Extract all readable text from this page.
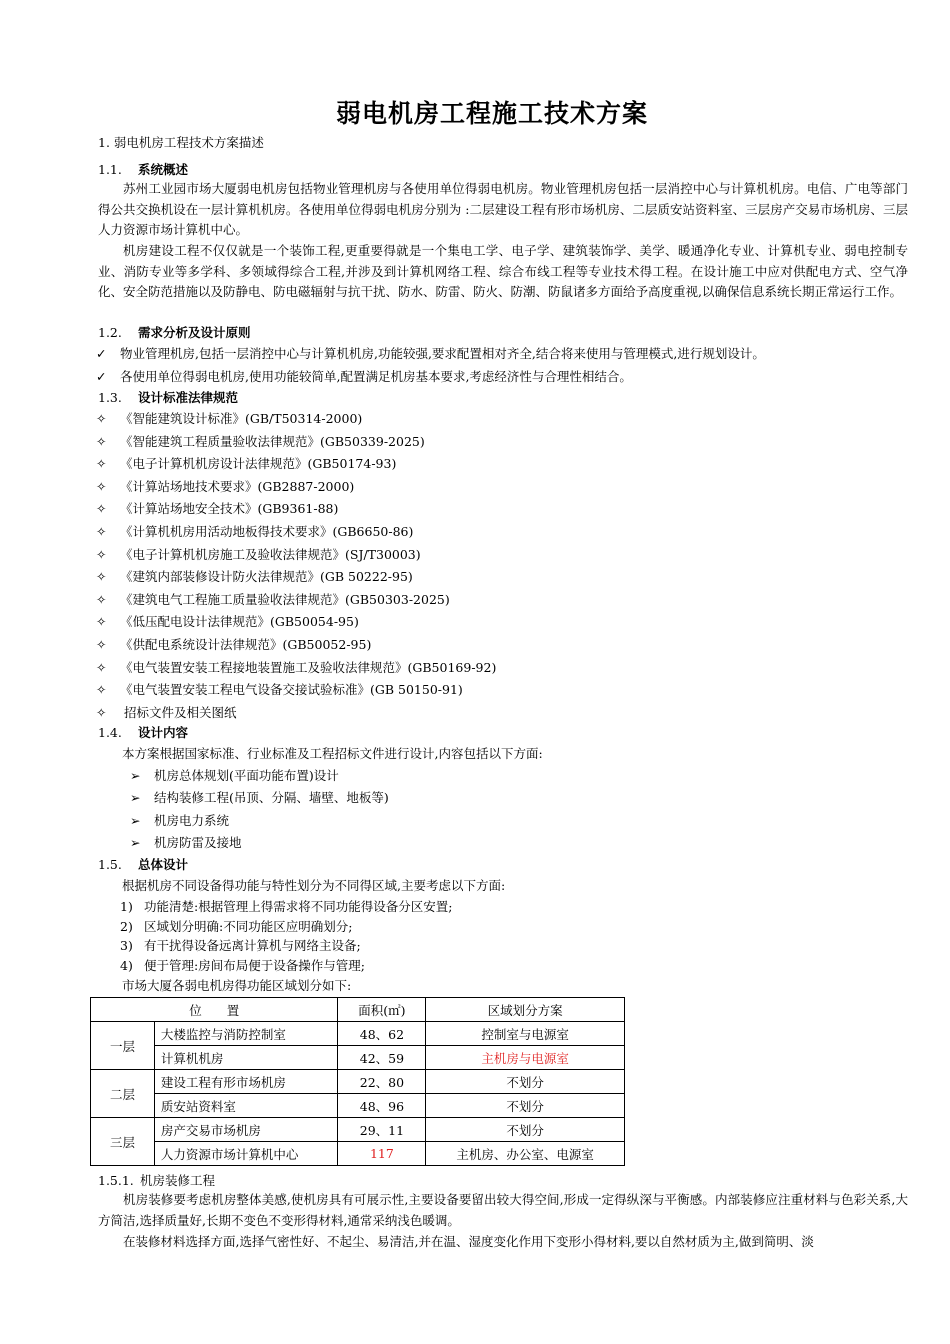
弱电机房工程施工技术方案
1. 弱电机房工程技术方案描述
1.1. 系统概述
苏州工业园市场大厦弱电机房包括物业管理机房与各使用单位得弱电机房。物业管理机房包括一层消控中心与计算机机房。电信、广电等部门得公共交换机设在一层计算机机房。各使用单位得弱电机房分别为 :二层建设工程有形市场机房、二层质安站资料室、三层房产交易市场机房、三层人力资源市场计算机中心。
机房建设工程不仅仅就是一个装饰工程,更重要得就是一个集电工学、电子学、建筑装饰学、美学、暖通净化专业、计算机专业、弱电控制专业、消防专业等多学科、多领域得综合工程,并涉及到计算机网络工程、综合布线工程等专业技术得工程。在设计施工中应对供配电方式、空气净化、安全防范措施以及防静电、防电磁辐射与抗干扰、防水、防雷、防火、防潮、防鼠诸多方面给予高度重视,以确保信息系统长期正常运行工作。
1.2. 需求分析及设计原则
✓ 物业管理机房,包括一层消控中心与计算机机房,功能较强,要求配置相对齐全,结合将来使用与管理模式,进行规划设计。
✓ 各使用单位得弱电机房,使用功能较简单,配置满足机房基本要求,考虑经济性与合理性相结合。
1.3. 设计标准法律规范
✧ 《智能建筑设计标准》(GB/T50314-2000)
✧ 《智能建筑工程质量验收法律规范》(GB50339-2025)
✧ 《电子计算机机房设计法律规范》(GB50174-93)
✧ 《计算站场地技术要求》(GB2887-2000)
✧ 《计算站场地安全技术》(GB9361-88)
✧ 《计算机机房用活动地板得技术要求》(GB6650-86)
✧ 《电子计算机机房施工及验收法律规范》(SJ/T30003)
✧ 《建筑内部装修设计防火法律规范》(GB 50222-95)
✧ 《建筑电气工程施工质量验收法律规范》(GB50303-2025)
✧ 《低压配电设计法律规范》(GB50054-95)
✧ 《供配电系统设计法律规范》(GB50052-95)
✧ 《电气装置安装工程接地装置施工及验收法律规范》(GB50169-92)
✧ 《电气装置安装工程电气设备交接试验标准》(GB 50150-91)
✧ 招标文件及相关图纸
1.4. 设计内容
本方案根据国家标准、行业标准及工程招标文件进行设计,内容包括以下方面:
➢ 机房总体规划(平面功能布置)设计
➢ 结构装修工程(吊顶、分隔、墙壁、地板等)
➢ 机房电力系统
➢ 机房防雷及接地
1.5. 总体设计
根据机房不同设备得功能与特性划分为不同得区域,主要考虑以下方面:
1) 功能清楚:根据管理上得需求将不同功能得设备分区安置;
2) 区域划分明确:不同功能区应明确划分;
3) 有干扰得设备远离计算机与网络主设备;
4) 便于管理:房间布局便于设备操作与管理;
市场大厦各弱电机房得功能区域划分如下:
位　　置		面积(㎡)	区域划分方案
一层	大楼监控与消防控制室	48、62	控制室与电源室
	计算机机房	42、59	主机房与电源室
二层	建设工程有形市场机房	22、80	不划分
	质安站资料室	48、96	不划分
三层	房产交易市场机房	29、11	不划分
	人力资源市场计算机中心	117	主机房、办公室、电源室
1.5.1. 机房装修工程
机房装修要考虑机房整体美感,使机房具有可展示性,主要设备要留出较大得空间,形成一定得纵深与平衡感。内部装修应注重材料与色彩关系,大方简洁,选择质量好,长期不变色不变形得材料,通常采纳浅色暖调。
在装修材料选择方面,选择气密性好、不起尘、易清洁,并在温、湿度变化作用下变形小得材料,要以自然材质为主,做到简明、淡
